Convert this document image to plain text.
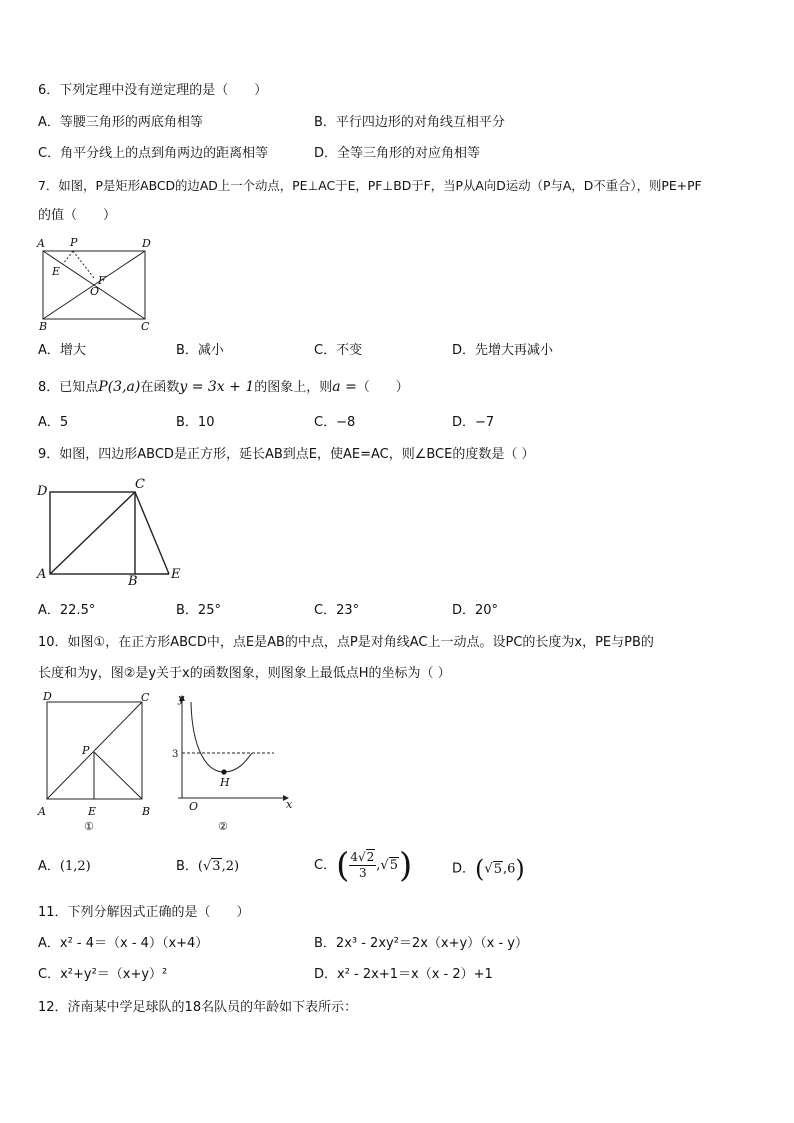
6．下列定理中没有逆定理的是（　　）
A．等腰三角形的两底角相等	B．平行四边形的对角线互相平分
C．角平分线上的点到角两边的距离相等	D．全等三角形的对应角相等
7．如图，P是矩形ABCD的边AD上一个动点，PE⊥AC于E，PF⊥BD于F，当P从A向D运动（P与A，D不重合），则PE+PF
的值（　　）
A P	D
E
F
O
B	C
A．增大	B．减小	C．不变	D．先增大再减小
8．已知点P(3,a)在函数y = 3x + 1的图象上，则a =（　　）
A．5	B．10	C．−8	D．−7
9．如图，四边形ABCD是正方形，延长AB到点E，使AE=AC，则∠BCE的度数是（ ）
D	C
A	B	E
A．22.5°	B．25°	C．23°	D．20°
10．如图①，在正方形ABCD中，点E是AB的中点，点P是对角线AC上一动点。设PC的长度为x，PE与PB的
长度和为y，图②是y关于x的函数图象，则图象上最低点H的坐标为（ ）
D	C
P
A	E	B
①
y
3
H
O	x
②
A．(1,2)	B．(√3,2)	C．( $\frac{4√2}{3} ,√5$)	D．(√5,6)
11．下列分解因式正确的是（　　）
A．x² - 4＝（x - 4）（x+4）	B．2x³ - 2xy²＝2x（x+y）（x - y）
C．x²+y²＝（x+y）²	D．x² - 2x+1＝x（x - 2）+1
12．济南某中学足球队的18名队员的年龄如下表所示：
